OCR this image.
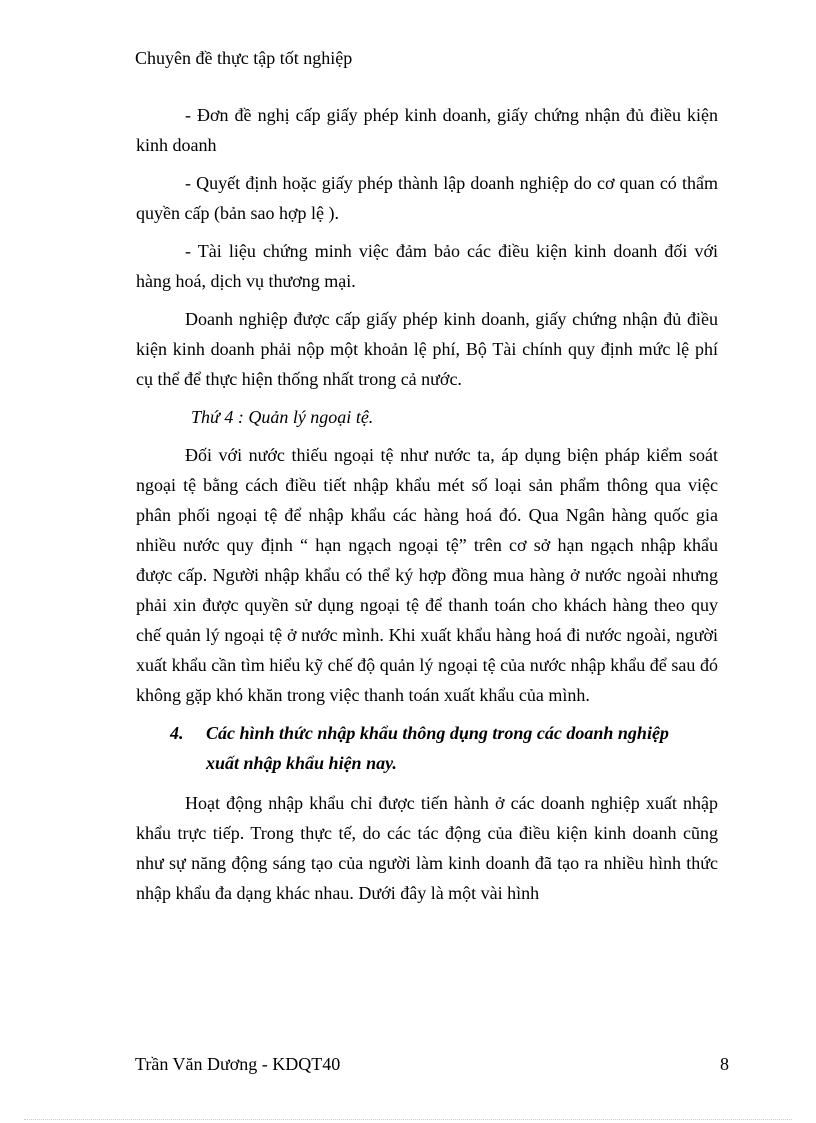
Chuyên đề thực tập tốt nghiệp

- Đơn đề nghị cấp giấy phép kinh doanh, giấy chứng nhận đủ điều kiện kinh doanh

- Quyết định hoặc giấy phép thành lập doanh nghiệp do cơ quan có thẩm quyền cấp (bản sao hợp lệ ).

- Tài liệu chứng minh việc đảm bảo các điều kiện kinh doanh đối với hàng hoá, dịch vụ thương mại.

Doanh nghiệp được cấp giấy phép kinh doanh, giấy chứng nhận đủ điều kiện kinh doanh phải nộp một khoản lệ phí, Bộ Tài chính quy định mức lệ phí cụ thể để thực hiện thống nhất trong cả nước.

Thứ 4 : Quản lý ngoại tệ.

Đối với nước thiếu ngoại tệ như nước ta, áp dụng biện pháp kiểm soát ngoại tệ bằng cách điều tiết nhập khẩu mét số loại sản phẩm thông qua việc phân phối ngoại tệ để nhập khẩu các hàng hoá đó. Qua Ngân hàng quốc gia nhiều nước quy định “ hạn ngạch ngoại tệ” trên cơ sở hạn ngạch nhập khẩu được cấp. Người nhập khẩu có thể ký hợp đồng mua hàng ở nước ngoài nhưng phải xin được quyền sử dụng ngoại tệ để thanh toán cho khách hàng theo quy chế quản lý ngoại tệ ở nước mình. Khi xuất khẩu hàng hoá đi nước ngoài, người xuất khẩu cần tìm hiểu kỹ chế độ quản lý ngoại tệ của nước nhập khẩu để sau đó không gặp khó khăn trong việc thanh toán xuất khẩu của mình.

4. Các hình thức nhập khẩu thông dụng trong các doanh nghiệp
xuất nhập khẩu hiện nay.

Hoạt động nhập khẩu chỉ được tiến hành ở các doanh nghiệp xuất nhập khẩu trực tiếp. Trong thực tế, do các tác động của điều kiện kinh doanh cũng như sự năng động sáng tạo của người làm kinh doanh đã tạo ra nhiều hình thức nhập khẩu đa dạng khác nhau. Dưới đây là một vài hình

Trần Văn Dương - KDQT40	8
